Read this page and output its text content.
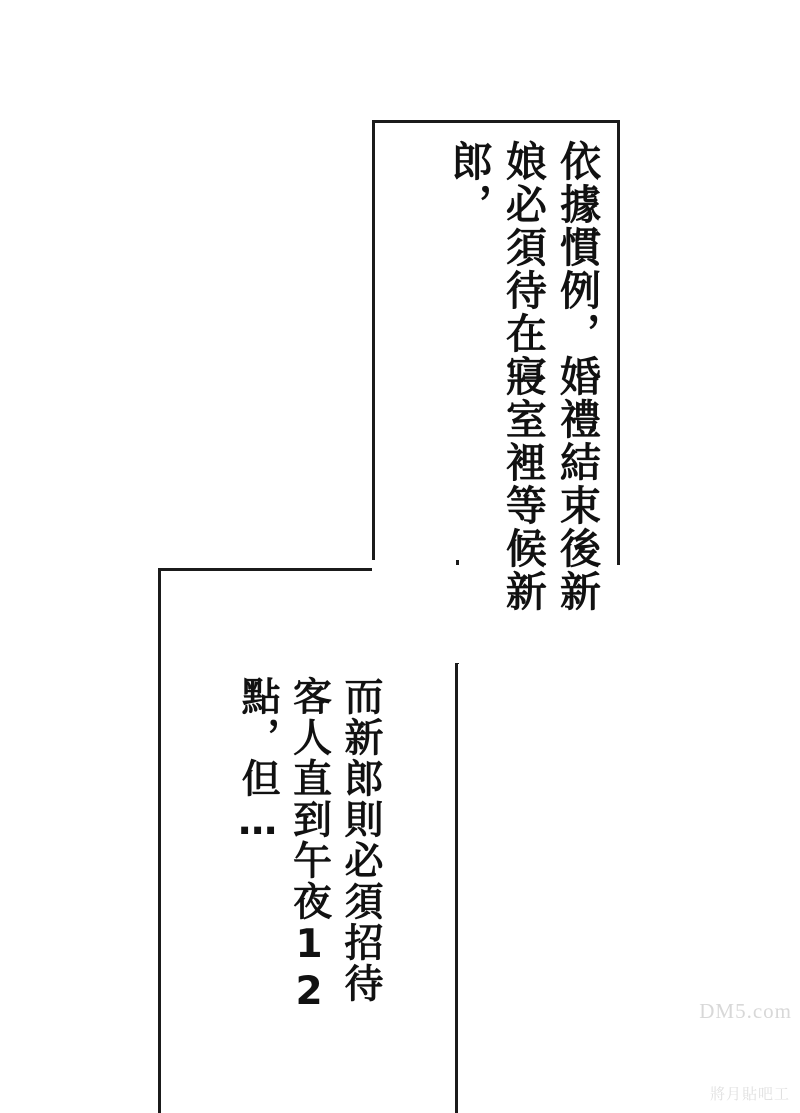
依據慣例，婚禮結束後新娘必須待在寢室裡等候新郎，
而新郎則必須招待客人直到午夜12點，但…
DM5.com
將月貼吧工
